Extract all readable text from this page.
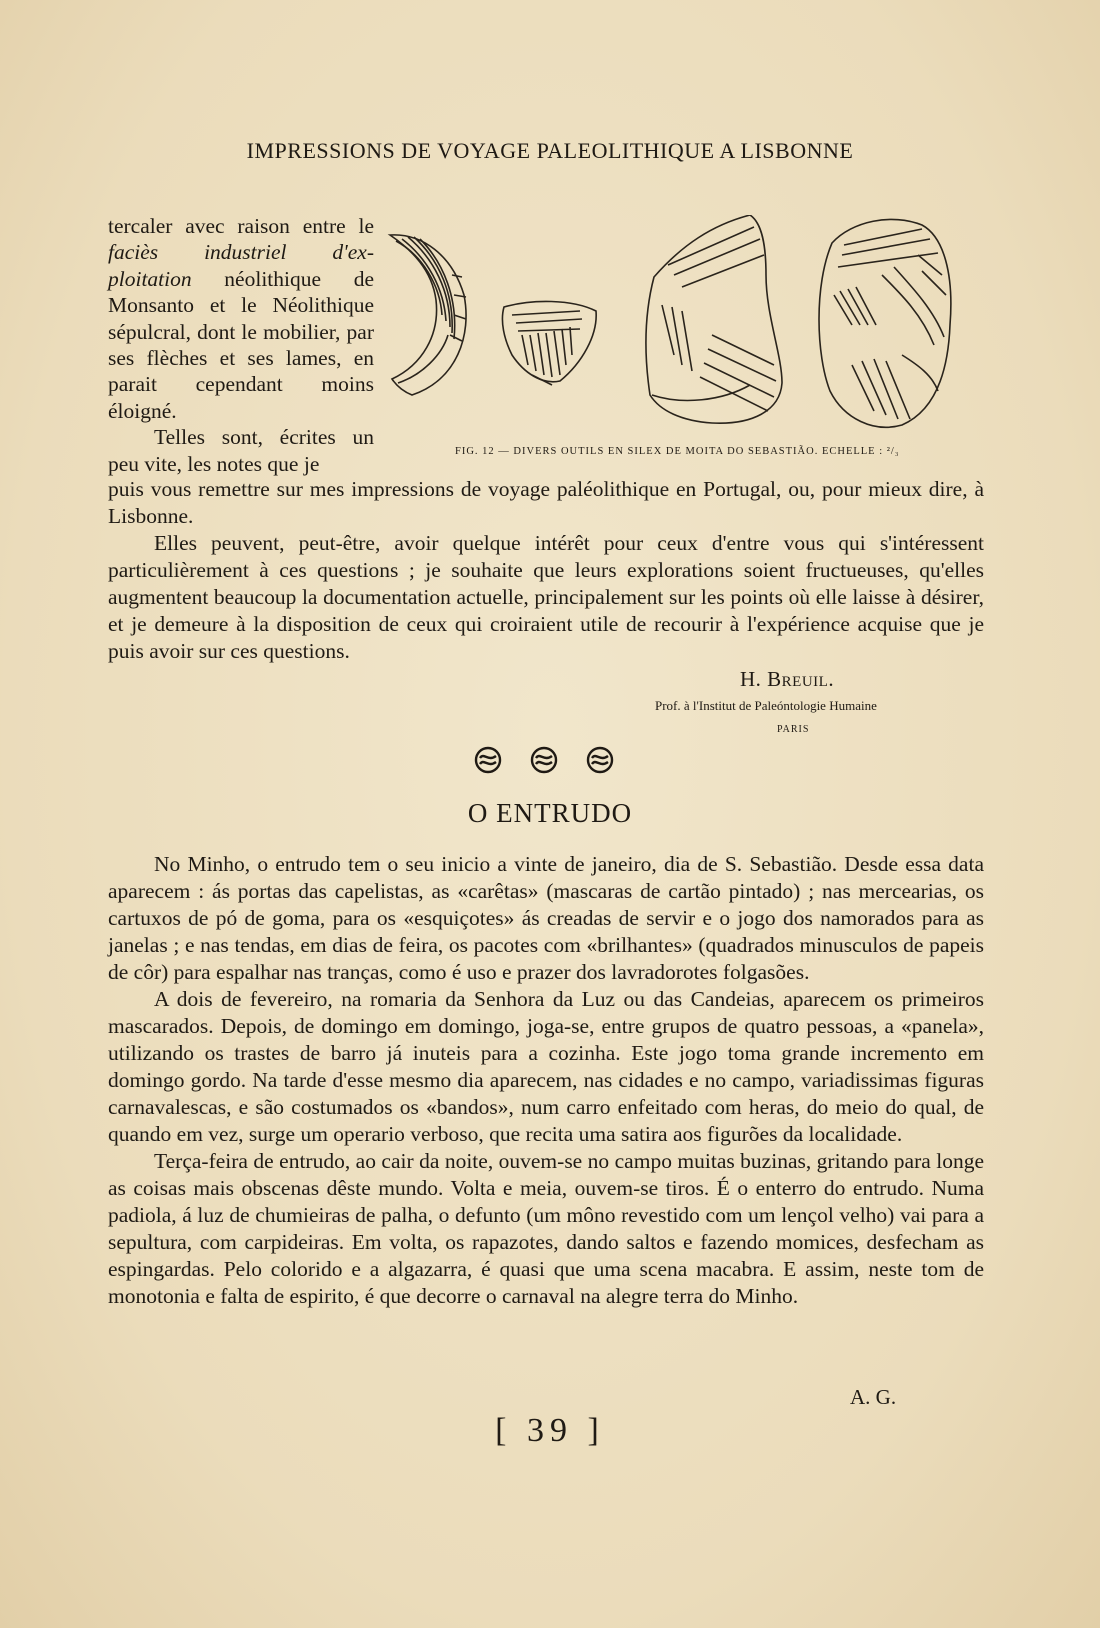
IMPRESSIONS DE VOYAGE PALEOLITHIQUE A LISBONNE

tercaler avec raison entre le faciès industriel d'ex- ploitation néolithique de Monsanto et le Néolithique sépulcral, dont le mobilier, par ses flèches et ses lames, en parait cependant moins éloigné.

Telles sont, écrites un peu vite, les notes que je

FIG. 12 — DIVERS OUTILS EN SILEX DE MOITA DO SEBASTIÃO. ECHELLE : ²/₃

puis vous remettre sur mes impressions de voyage paléolithique en Portugal, ou, pour mieux dire, à Lisbonne.

Elles peuvent, peut-être, avoir quelque intérêt pour ceux d'entre vous qui s'intéressent particulièrement à ces questions ; je souhaite que leurs explorations soient fructueuses, qu'elles augmentent beaucoup la documentation actuelle, principalement sur les points où elle laisse à désirer, et je demeure à la disposition de ceux qui croiraient utile de recourir à l'expérience acquise que je puis avoir sur ces questions.

H. Breuil.
Prof. à l'Institut de Paleóntologie Humaine
PARIS
O ENTRUDO

No Minho, o entrudo tem o seu inicio a vinte de janeiro, dia de S. Sebastião. Desde essa data aparecem : ás portas das capelistas, as «carêtas» (mascaras de cartão pintado) ; nas mercearias, os cartuxos de pó de goma, para os «esquiçotes» ás creadas de servir e o jogo dos namorados para as janelas ; e nas tendas, em dias de feira, os pacotes com «brilhantes» (quadrados minusculos de papeis de côr) para espalhar nas tranças, como é uso e prazer dos lavradorotes folgasões.

A dois de fevereiro, na romaria da Senhora da Luz ou das Candeias, aparecem os primeiros mascarados. Depois, de domingo em domingo, joga-se, entre grupos de quatro pessoas, a «panela», utilizando os trastes de barro já inuteis para a cozinha. Este jogo toma grande incremento em domingo gordo. Na tarde d'esse mesmo dia aparecem, nas cidades e no campo, variadissimas figuras carnavalescas, e são costumados os «bandos», num carro enfeitado com heras, do meio do qual, de quando em vez, surge um operario verboso, que recita uma satira aos figurões da localidade.

Terça-feira de entrudo, ao cair da noite, ouvem-se no campo muitas buzinas, gritando para longe as coisas mais obscenas dêste mundo. Volta e meia, ouvem-se tiros. É o enterro do entrudo. Numa padiola, á luz de chumieiras de palha, o defunto (um môno revestido com um lençol velho) vai para a sepultura, com carpideiras. Em volta, os rapazotes, dando saltos e fazendo momices, desfecham as espingardas. Pelo colorido e a algazarra, é quasi que uma scena macabra. E assim, neste tom de monotonia e falta de espirito, é que decorre o carnaval na alegre terra do Minho.

A. G.
[ 39 ]
